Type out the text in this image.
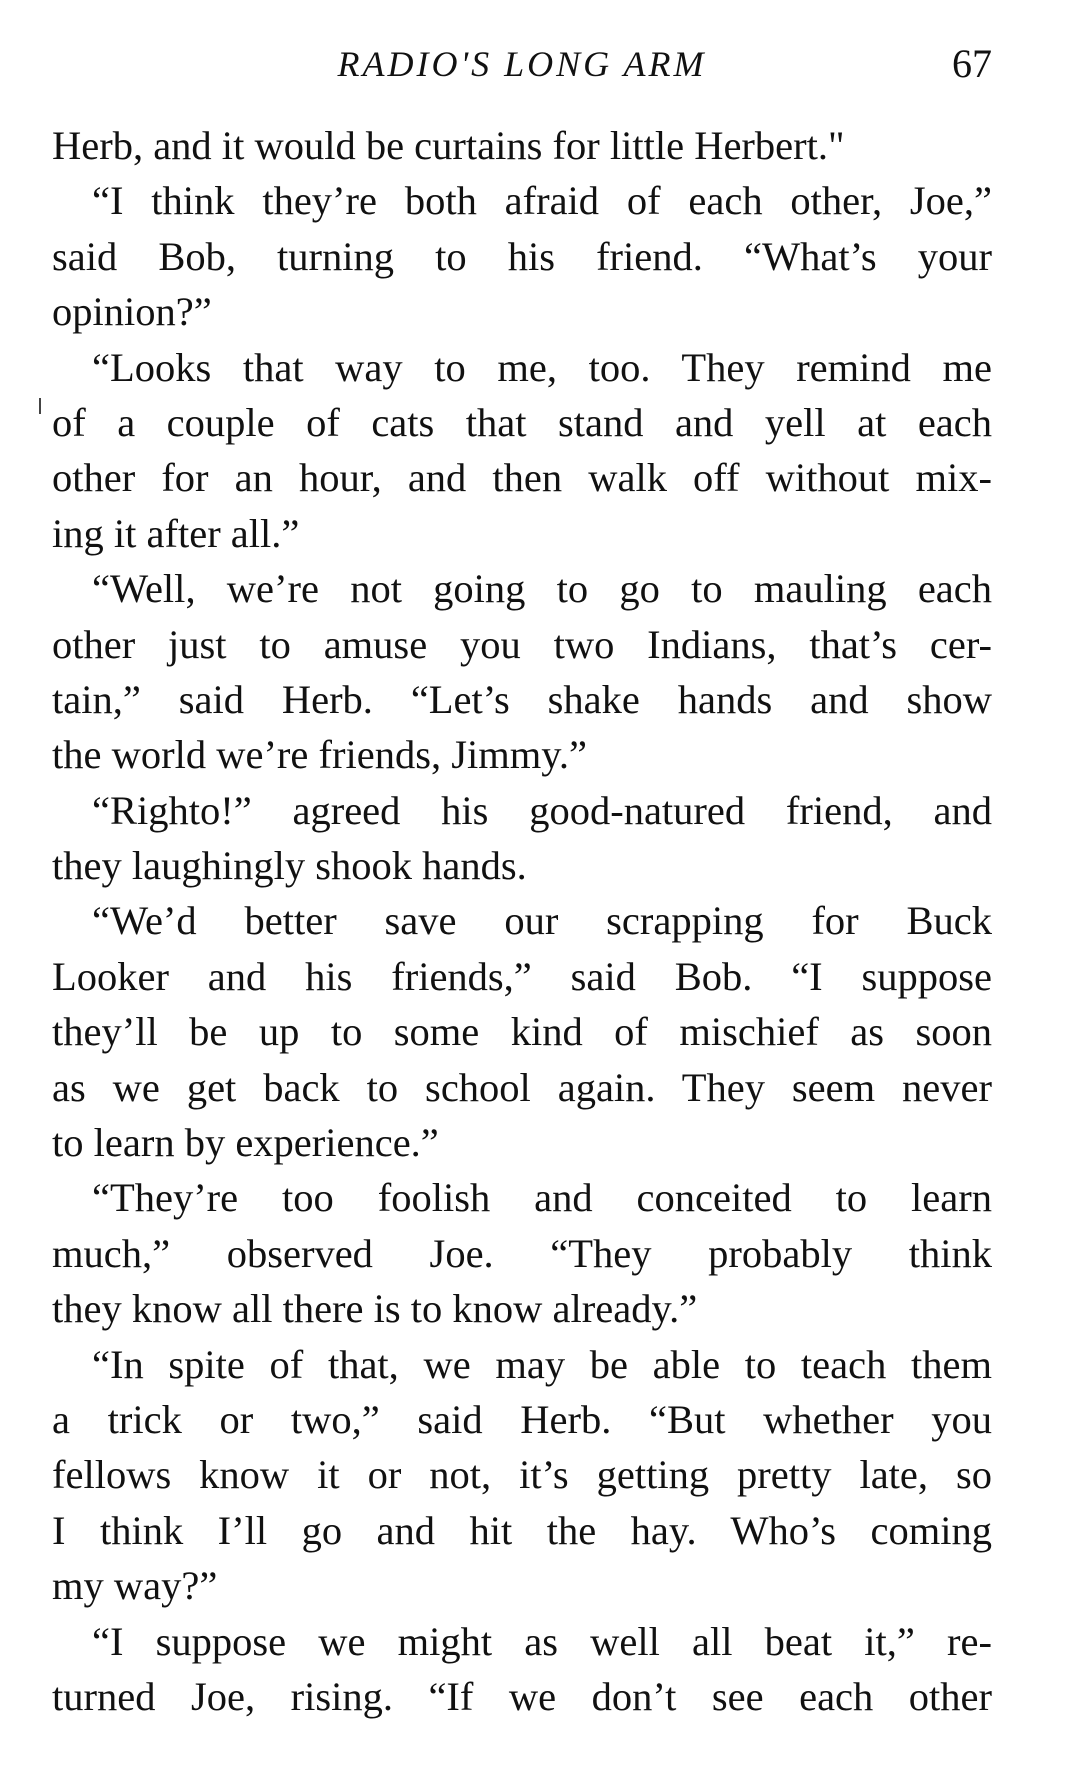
RADIO'S LONG ARM	67
Herb, and it would be curtains for little Herbert."
“I think they’re both afraid of each other, Joe,”
said Bob, turning to his friend. “What’s your
opinion?”
“Looks that way to me, too. They remind me
of a couple of cats that stand and yell at each
other for an hour, and then walk off without mix-
ing it after all.”
“Well, we’re not going to go to mauling each
other just to amuse you two Indians, that’s cer-
tain,” said Herb. “Let’s shake hands and show
the world we’re friends, Jimmy.”
“Righto!” agreed his good-natured friend, and
they laughingly shook hands.
“We’d better save our scrapping for Buck
Looker and his friends,” said Bob. “I suppose
they’ll be up to some kind of mischief as soon
as we get back to school again. They seem never
to learn by experience.”
“They’re too foolish and conceited to learn
much,” observed Joe. “They probably think
they know all there is to know already.”
“In spite of that, we may be able to teach them
a trick or two,” said Herb. “But whether you
fellows know it or not, it’s getting pretty late, so
I think I’ll go and hit the hay. Who’s coming
my way?”
“I suppose we might as well all beat it,” re-
turned Joe, rising. “If we don’t see each other
